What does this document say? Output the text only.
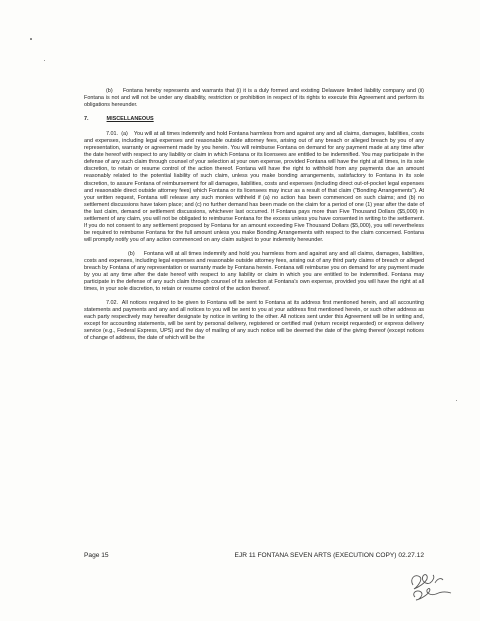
(b)     Fontana hereby represents and warrants that (i) it is a duly formed and existing Delaware limited liability company and (ii) Fontana is not and will not be under any disability, restriction or prohibition in respect of its rights to execute this Agreement and perform its obligations hereunder.

7.	MISCELLANEOUS

7.01.  (a)    You will at all times indemnify and hold Fontana harmless from and against any and all claims, damages, liabilities, costs and expenses, including legal expenses and reasonable outside attorney fees, arising out of any breach or alleged breach by you of any representation, warranty or agreement made by you herein. You will reimburse Fontana on demand for any payment made at any time after the date hereof with respect to any liability or claim in which Fontana or its licensees are entitled to be indemnified. You may participate in the defense of any such claim through counsel of your selection at your own expense, provided Fontana will have the right at all times, in its sole discretion, to retain or resume control of the action thereof. Fontana will have the right to withhold from any payments due an amount reasonably related to the potential liability of such claim, unless you make bonding arrangements, satisfactory to Fontana in its sole discretion, to assure Fontana of reimbursement for all damages, liabilities, costs and expenses (including direct out-of-pocket legal expenses and reasonable direct outside attorney fees) which Fontana or its licensees may incur as a result of that claim (“Bonding Arrangements”). At your written request, Fontana will release any such monies withheld if (a) no action has been commenced on such claims; and (b) no settlement discussions have taken place; and (c) no further demand has been made on the claim for a period of one (1) year after the date of the last claim, demand or settlement discussions, whichever last occurred. If Fontana pays more than Five Thousand Dollars ($5,000) in settlement of any claim, you will not be obligated to reimburse Fontana for the excess unless you have consented in writing to the settlement. If you do not consent to any settlement proposed by Fontana for an amount exceeding Five Thousand Dollars ($5,000), you will nevertheless be required to reimburse Fontana for the full amount unless you make Bonding Arrangements with respect to the claim concerned. Fontana will promptly notify you of any action commenced on any claim subject to your indemnity hereunder.

(b)     Fontana will at all times indemnify and hold you harmless from and against any and all claims, damages, liabilities, costs and expenses, including legal expenses and reasonable outside attorney fees, arising out of any third party claims of breach or alleged breach by Fontana of any representation or warranty made by Fontana herein. Fontana will reimburse you on demand for any payment made by you at any time after the date hereof with respect to any liability or claim in which you are entitled to be indemnified. Fontana may participate in the defense of any such claim through counsel of its selection at Fontana's own expense, provided you will have the right at all times, in your sole discretion, to retain or resume control of the action thereof.

7.02.  All notices required to be given to Fontana will be sent to Fontana at its address first mentioned herein, and all accounting statements and payments and any and all notices to you will be sent to you at your address first mentioned herein, or such other address as each party respectively may hereafter designate by notice in writing to the other. All notices sent under this Agreement will be in writing and, except for accounting statements, will be sent by personal delivery, registered or certified mail (return receipt requested) or express delivery service (e.g., Federal Express, UPS) and the day of mailing of any such notice will be deemed the date of the giving thereof (except notices of change of address, the date of which will be the

Page 15	EJR 11 FONTANA SEVEN ARTS (EXECUTION COPY) 02.27.12
